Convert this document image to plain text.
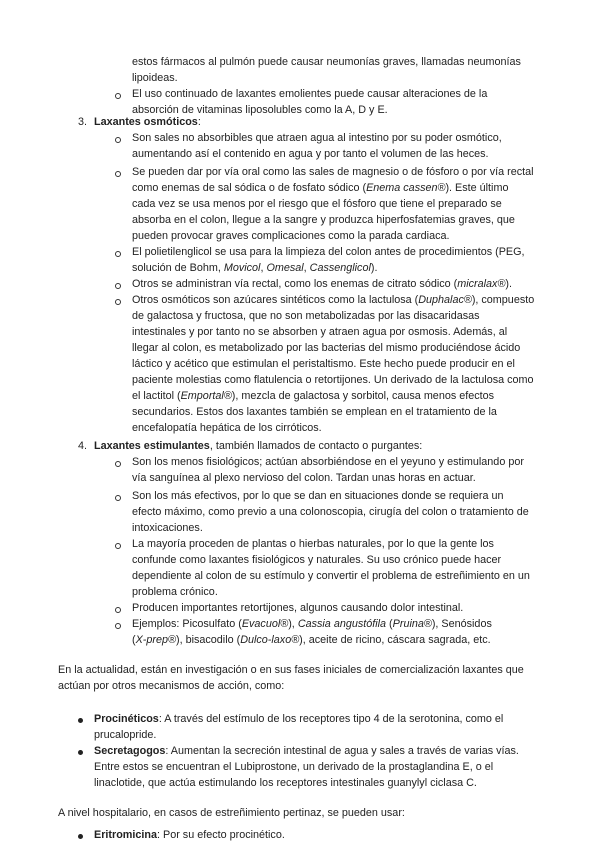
estos fármacos al pulmón puede causar neumonías graves, llamadas neumonías
lipoideas.
El uso continuado de laxantes emolientes puede causar alteraciones de la
absorción de vitaminas liposolubles como la A, D y E.
3. Laxantes osmóticos:
Son sales no absorbibles que atraen agua al intestino por su poder osmótico,
aumentando así el contenido en agua y por tanto el volumen de las heces.
Se pueden dar por vía oral como las sales de magnesio o de fósforo o por vía rectal
como enemas de sal sódica o de fosfato sódico (Enema cassen®). Este último
cada vez se usa menos por el riesgo que el fósforo que tiene el preparado se
absorba en el colon, llegue a la sangre y produzca hiperfosfatemias graves, que
pueden provocar graves complicaciones como la parada cardiaca.
El polietilenglicol se usa para la limpieza del colon antes de procedimientos (PEG,
solución de Bohm, Movicol, Omesal, Cassenglicol).
Otros se administran vía rectal, como los enemas de citrato sódico (micralax®).
Otros osmóticos son azúcares sintéticos como la lactulosa (Duphalac®), compuesto
de galactosa y fructosa, que no son metabolizadas por las disacaridasas
intestinales y por tanto no se absorben y atraen agua por osmosis. Además, al
llegar al colon, es metabolizado por las bacterias del mismo produciéndose ácido
láctico y acético que estimulan el peristaltismo. Este hecho puede producir en el
paciente molestias como flatulencia o retortijones. Un derivado de la lactulosa como
el lactitol (Emportal®), mezcla de galactosa y sorbitol, causa menos efectos
secundarios. Estos dos laxantes también se emplean en el tratamiento de la
encefalopatía hepática de los cirróticos.
4. Laxantes estimulantes, también llamados de contacto o purgantes:
Son los menos fisiológicos; actúan absorbiéndose en el yeyuno y estimulando por
vía sanguínea al plexo nervioso del colon. Tardan unas horas en actuar.
Son los más efectivos, por lo que se dan en situaciones donde se requiera un
efecto máximo, como previo a una colonoscopia, cirugía del colon o tratamiento de
intoxicaciones.
La mayoría proceden de plantas o hierbas naturales, por lo que la gente los
confunde como laxantes fisiológicos y naturales. Su uso crónico puede hacer
dependiente al colon de su estímulo y convertir el problema de estreñimiento en un
problema crónico.
Producen importantes retortijones, algunos causando dolor intestinal.
Ejemplos: Picosulfato (Evacuol®), Cassia angustófila (Pruina®), Senósidos
(X-prep®), bisacodilo (Dulco-laxo®), aceite de ricino, cáscara sagrada, etc.
En la actualidad, están en investigación o en sus fases iniciales de comercialización laxantes que
actúan por otros mecanismos de acción, como:
Procinéticos: A través del estímulo de los receptores tipo 4 de la serotonina, como el
prucalopride.
Secretagogos: Aumentan la secreción intestinal de agua y sales a través de varias vías.
Entre estos se encuentran el Lubiprostone, un derivado de la prostaglandina E, o el
linaclotide, que actúa estimulando los receptores intestinales guanylyl ciclasa C.
A nivel hospitalario, en casos de estreñimiento pertinaz, se pueden usar:
Eritromicina: Por su efecto procinético.
